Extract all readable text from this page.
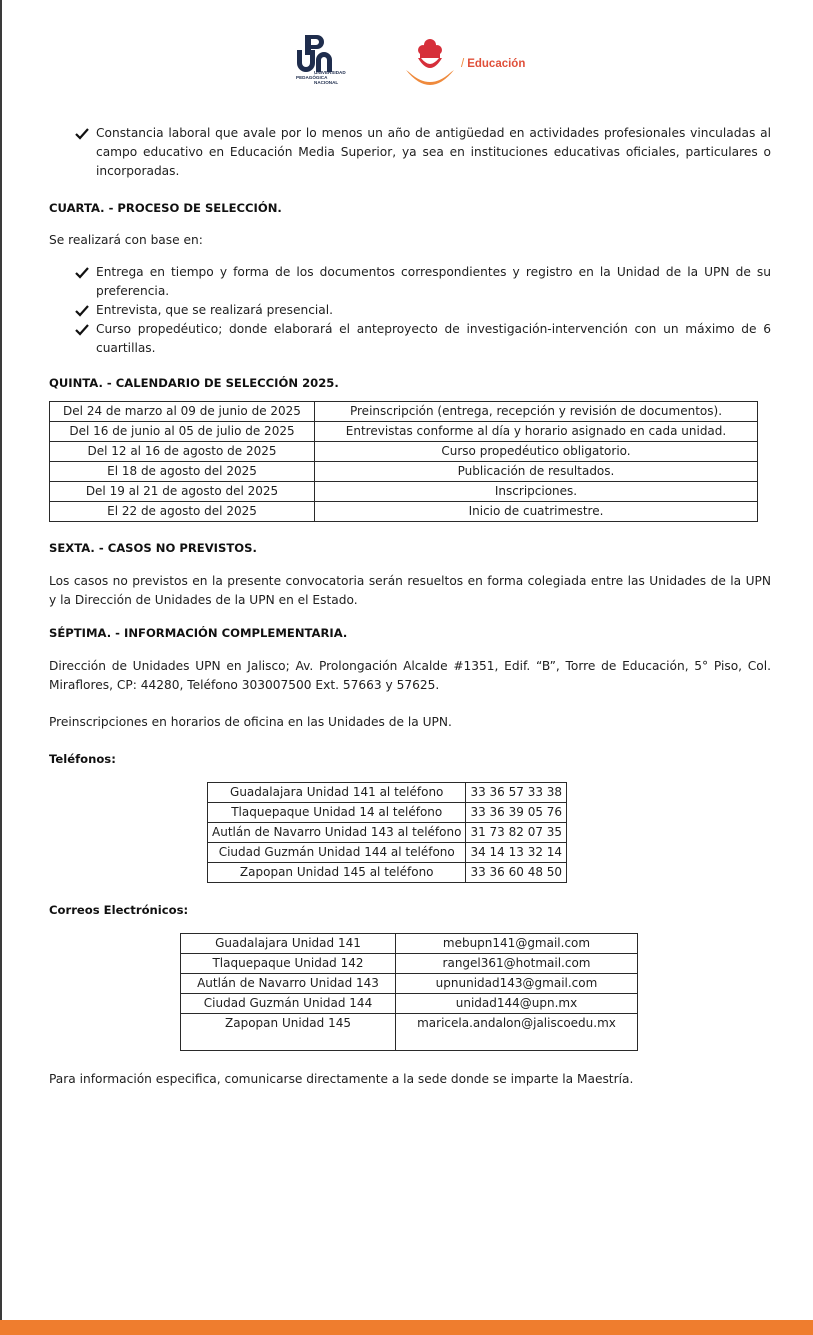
UNIVERSIDAD
PEDAGÓGICA
NACIONAL
/ Educación
Constancia laboral que avale por lo menos un año de antigüedad en actividades profesionales vinculadas al campo educativo en Educación Media Superior, ya sea en instituciones educativas oficiales, particulares o incorporadas.

CUARTA. - PROCESO DE SELECCIÓN.

Se realizará con base en:

Entrega en tiempo y forma de los documentos correspondientes y registro en la Unidad de la UPN de su preferencia.
Entrevista, que se realizará presencial.
Curso propedéutico; donde elaborará el anteproyecto de investigación-intervención con un máximo de 6 cuartillas.

QUINTA. - CALENDARIO DE SELECCIÓN 2025.

Del 24 de marzo al 09 de junio de 2025	Preinscripción (entrega, recepción y revisión de documentos).
Del 16 de junio al 05 de julio de 2025	Entrevistas conforme al día y horario asignado en cada unidad.
Del 12 al 16 de agosto de 2025	Curso propedéutico obligatorio.
El 18 de agosto del 2025	Publicación de resultados.
Del 19 al 21 de agosto del 2025	Inscripciones.
El 22 de agosto del 2025	Inicio de cuatrimestre.

SEXTA. - CASOS NO PREVISTOS.

Los casos no previstos en la presente convocatoria serán resueltos en forma colegiada entre las Unidades de la UPN y la Dirección de Unidades de la UPN en el Estado.

SÉPTIMA. - INFORMACIÓN COMPLEMENTARIA.

Dirección de Unidades UPN en Jalisco; Av. Prolongación Alcalde #1351, Edif. “B”, Torre de Educación, 5° Piso, Col. Miraflores, CP: 44280, Teléfono 303007500 Ext. 57663 y 57625.

Preinscripciones en horarios de oficina en las Unidades de la UPN.

Teléfonos:

Guadalajara Unidad 141 al teléfono	33 36 57 33 38
Tlaquepaque Unidad 14 al teléfono	33 36 39 05 76
Autlán de Navarro Unidad 143 al teléfono	31 73 82 07 35
Ciudad Guzmán Unidad 144 al teléfono	34 14 13 32 14
Zapopan Unidad 145 al teléfono	33 36 60 48 50

Correos Electrónicos:

Guadalajara Unidad 141	mebupn141@gmail.com
Tlaquepaque Unidad 142	rangel361@hotmail.com
Autlán de Navarro Unidad 143	upnunidad143@gmail.com
Ciudad Guzmán Unidad 144	unidad144@upn.mx
Zapopan Unidad 145	maricela.andalon@jaliscoedu.mx

Para información especifica, comunicarse directamente a la sede donde se imparte la Maestría.
